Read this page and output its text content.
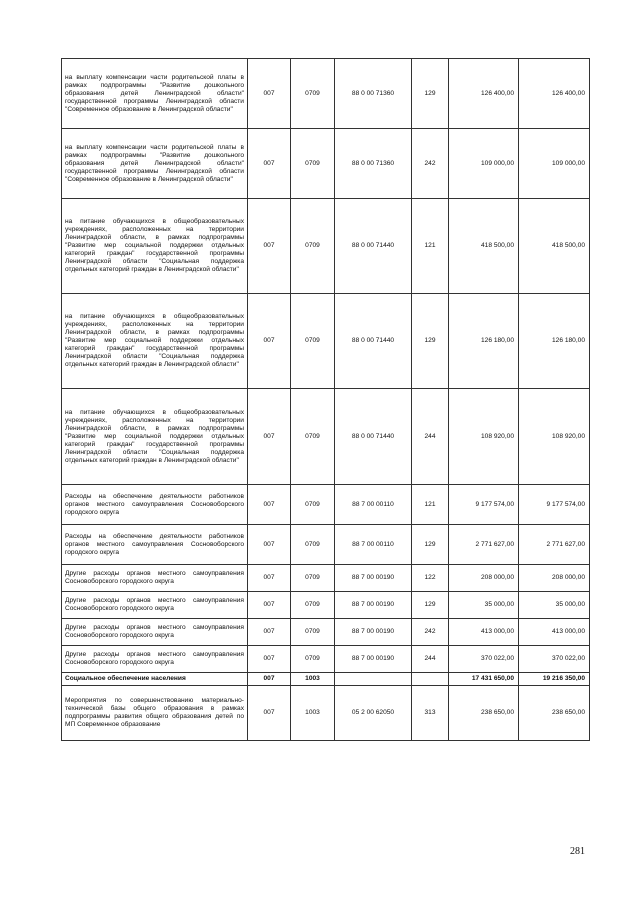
на выплату компенсации части родительской платы в рамках подпрограммы "Развитие дошкольного образования детей Ленинградской области" государственной программы Ленинградской области "Современное образование в Ленинградской области"	007	0709	88 0 00 71360	129	126 400,00	126 400,00
на выплату компенсации части родительской платы в рамках подпрограммы "Развитие дошкольного образования детей Ленинградской области" государственной программы Ленинградской области "Современное образование в Ленинградской области"	007	0709	88 0 00 71360	242	109 000,00	109 000,00
на питание обучающихся в общеобразовательных учреждениях, расположенных на территории Ленинградской области, в рамках подпрограммы "Развитие мер социальной поддержки отдельных категорий граждан" государственной программы Ленинградской области "Социальная поддержка отдельных категорий граждан в Ленинградской области"	007	0709	88 0 00 71440	121	418 500,00	418 500,00
на питание обучающихся в общеобразовательных учреждениях, расположенных на территории Ленинградской области, в рамках подпрограммы "Развитие мер социальной поддержки отдельных категорий граждан" государственной программы Ленинградской области "Социальная поддержка отдельных категорий граждан в Ленинградской области"	007	0709	88 0 00 71440	129	126 180,00	126 180,00
на питание обучающихся в общеобразовательных учреждениях, расположенных на территории Ленинградской области, в рамках подпрограммы "Развитие мер социальной поддержки отдельных категорий граждан" государственной программы Ленинградской области "Социальная поддержка отдельных категорий граждан в Ленинградской области"	007	0709	88 0 00 71440	244	108 920,00	108 920,00
Расходы на обеспечение деятельности работников органов местного самоуправления Сосновоборского городского округа	007	0709	88 7 00 00110	121	9 177 574,00	9 177 574,00
Расходы на обеспечение деятельности работников органов местного самоуправления Сосновоборского городского округа	007	0709	88 7 00 00110	129	2 771 627,00	2 771 627,00
Другие расходы органов местного самоуправления Сосновоборского городского округа	007	0709	88 7 00 00190	122	208 000,00	208 000,00
Другие расходы органов местного самоуправления Сосновоборского городского округа	007	0709	88 7 00 00190	129	35 000,00	35 000,00
Другие расходы органов местного самоуправления Сосновоборского городского округа	007	0709	88 7 00 00190	242	413 000,00	413 000,00
Другие расходы органов местного самоуправления Сосновоборского городского округа	007	0709	88 7 00 00190	244	370 022,00	370 022,00
Социальное обеспечение населения	007	1003			17 431 650,00	19 216 350,00
Мероприятия по совершенствованию материально-технической базы общего образования в рамках подпрограммы развития общего образования детей по МП Современное образование	007	1003	05 2 00 62050	313	238 650,00	238 650,00
281
